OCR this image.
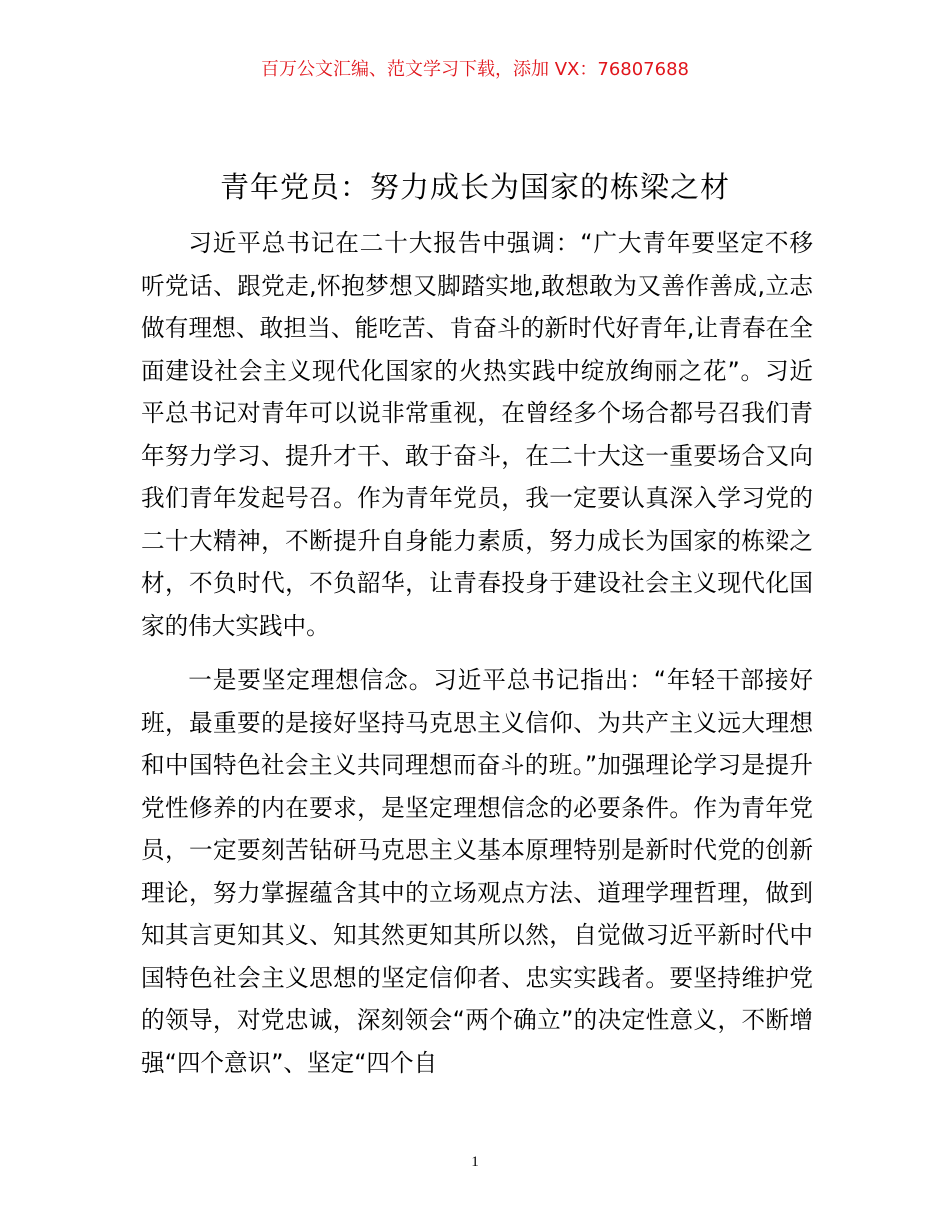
百万公文汇编、范文学习下载，添加 VX：76807688
青年党员：努力成长为国家的栋梁之材

习近平总书记在二十大报告中强调：“广大青年要坚定不移听党话、跟党走,怀抱梦想又脚踏实地,敢想敢为又善作善成,立志做有理想、敢担当、能吃苦、肯奋斗的新时代好青年,让青春在全面建设社会主义现代化国家的火热实践中绽放绚丽之花”。习近平总书记对青年可以说非常重视，在曾经多个场合都号召我们青年努力学习、提升才干、敢于奋斗，在二十大这一重要场合又向我们青年发起号召。作为青年党员，我一定要认真深入学习党的二十大精神，不断提升自身能力素质，努力成长为国家的栋梁之材，不负时代，不负韶华，让青春投身于建设社会主义现代化国家的伟大实践中。

一是要坚定理想信念。习近平总书记指出：“年轻干部接好班，最重要的是接好坚持马克思主义信仰、为共产主义远大理想和中国特色社会主义共同理想而奋斗的班。”加强理论学习是提升党性修养的内在要求，是坚定理想信念的必要条件。作为青年党员，一定要刻苦钻研马克思主义基本原理特别是新时代党的创新理论，努力掌握蕴含其中的立场观点方法、道理学理哲理，做到知其言更知其义、知其然更知其所以然，自觉做习近平新时代中国特色社会主义思想的坚定信仰者、忠实实践者。要坚持维护党的领导，对党忠诚，深刻领会“两个确立”的决定性意义，不断增强“四个意识”、坚定“四个自

1
